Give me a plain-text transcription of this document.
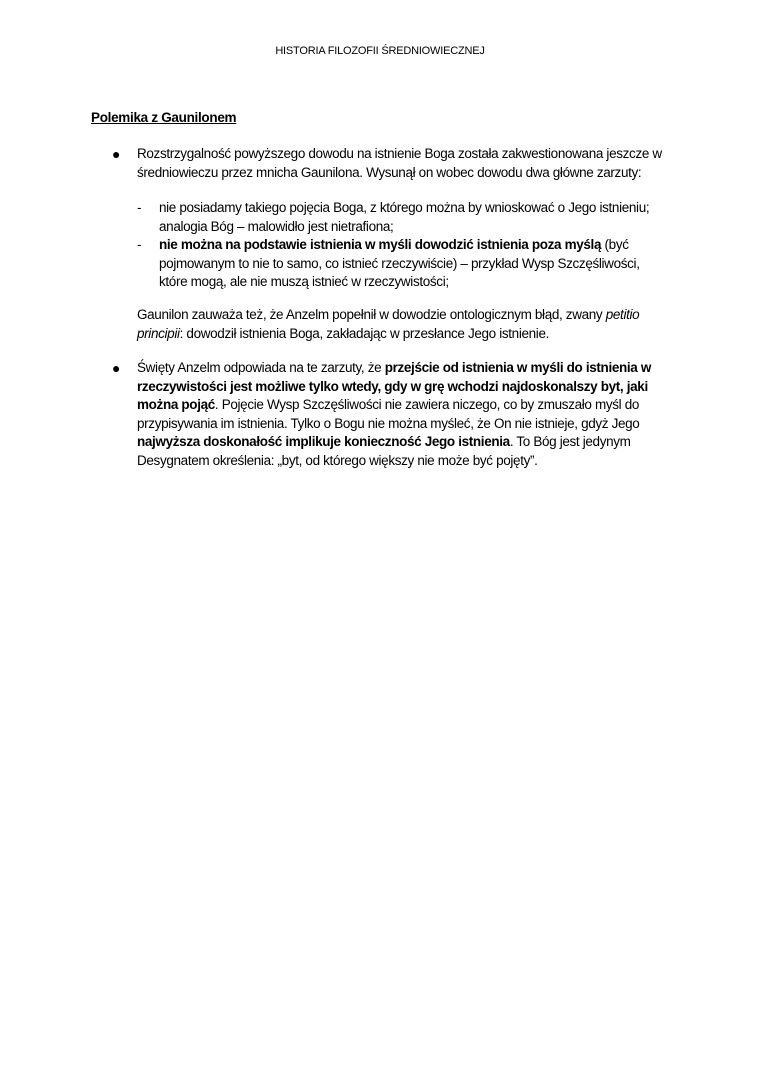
HISTORIA FILOZOFII ŚREDNIOWIECZNEJ
Polemika z Gaunilonem
● Rozstrzygalność powyższego dowodu na istnienie Boga została zakwestionowana jeszcze w średniowieczu przez mnicha Gaunilona. Wysunął on wobec dowodu dwa główne zarzuty:
- nie posiadamy takiego pojęcia Boga, z którego można by wnioskować o Jego istnieniu; analogia Bóg – malowidło jest nietrafiona;
- nie można na podstawie istnienia w myśli dowodzić istnienia poza myślą (być pojmowanym to nie to samo, co istnieć rzeczywiście) – przykład Wysp Szczęśliwości, które mogą, ale nie muszą istnieć w rzeczywistości;
Gaunilon zauważa też, że Anzelm popełnił w dowodzie ontologicznym błąd, zwany petitio principii: dowodził istnienia Boga, zakładając w przesłance Jego istnienie.
● Święty Anzelm odpowiada na te zarzuty, że przejście od istnienia w myśli do istnienia w rzeczywistości jest możliwe tylko wtedy, gdy w grę wchodzi najdoskonalszy byt, jaki można pojąć. Pojęcie Wysp Szczęśliwości nie zawiera niczego, co by zmuszało myśl do przypisywania im istnienia. Tylko o Bogu nie można myśleć, że On nie istnieje, gdyż Jego najwyższa doskonałość implikuje konieczność Jego istnienia. To Bóg jest jedynym Desygnatem określenia: „byt, od którego większy nie może być pojęty”.
